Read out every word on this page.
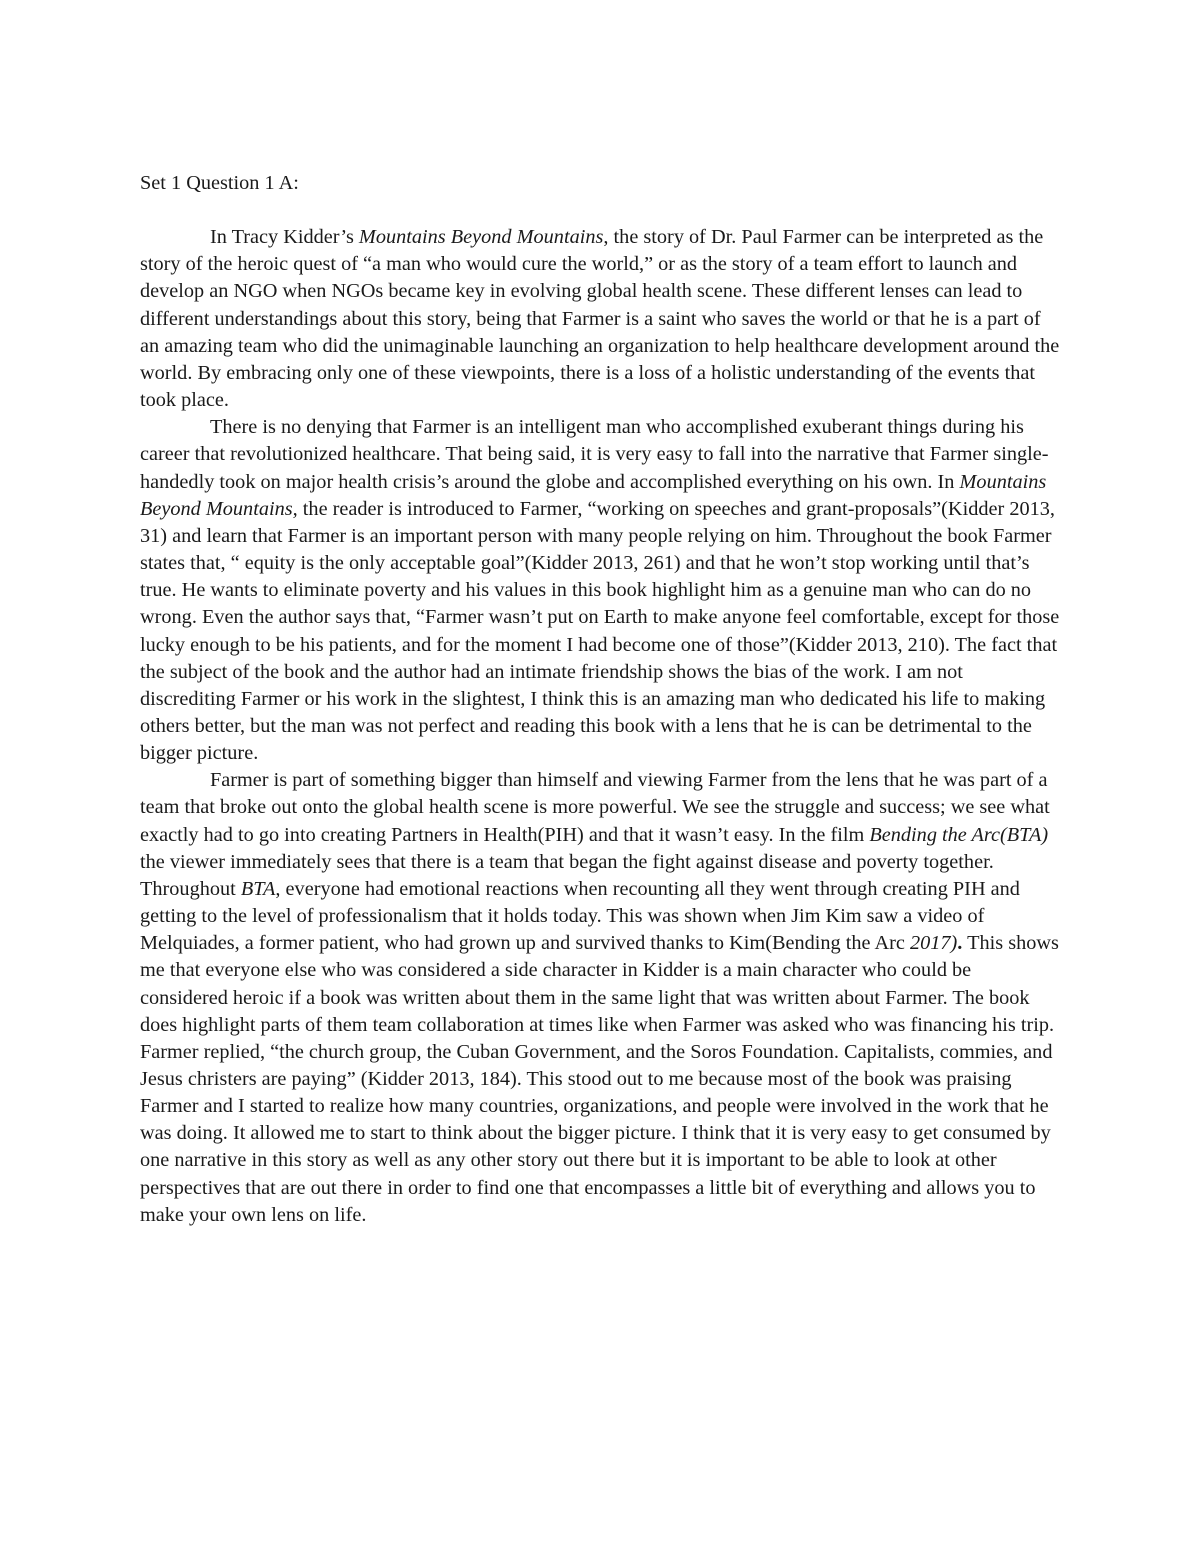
Set 1 Question 1 A:

In Tracy Kidder’s Mountains Beyond Mountains, the story of Dr. Paul Farmer can be interpreted as the story of the heroic quest of “a man who would cure the world,” or as the story of a team effort to launch and develop an NGO when NGOs became key in evolving global health scene. These different lenses can lead to different understandings about this story, being that Farmer is a saint who saves the world or that he is a part of an amazing team who did the unimaginable launching an organization to help healthcare development around the world. By embracing only one of these viewpoints, there is a loss of a holistic understanding of the events that took place.

There is no denying that Farmer is an intelligent man who accomplished exuberant things during his career that revolutionized healthcare. That being said, it is very easy to fall into the narrative that Farmer single-handedly took on major health crisis’s around the globe and accomplished everything on his own. In Mountains Beyond Mountains, the reader is introduced to Farmer, “working on speeches and grant-proposals”(Kidder 2013, 31) and learn that Farmer is an important person with many people relying on him. Throughout the book Farmer states that, “ equity is the only acceptable goal”(Kidder 2013, 261) and that he won’t stop working until that’s true. He wants to eliminate poverty and his values in this book highlight him as a genuine man who can do no wrong. Even the author says that, “Farmer wasn’t put on Earth to make anyone feel comfortable, except for those lucky enough to be his patients, and for the moment I had become one of those”(Kidder 2013, 210). The fact that the subject of the book and the author had an intimate friendship shows the bias of the work. I am not discrediting Farmer or his work in the slightest, I think this is an amazing man who dedicated his life to making others better, but the man was not perfect and reading this book with a lens that he is can be detrimental to the bigger picture.

Farmer is part of something bigger than himself and viewing Farmer from the lens that he was part of a team that broke out onto the global health scene is more powerful. We see the struggle and success; we see what exactly had to go into creating Partners in Health(PIH) and that it wasn’t easy. In the film Bending the Arc(BTA) the viewer immediately sees that there is a team that began the fight against disease and poverty together. Throughout BTA, everyone had emotional reactions when recounting all they went through creating PIH and getting to the level of professionalism that it holds today. This was shown when Jim Kim saw a video of Melquiades, a former patient, who had grown up and survived thanks to Kim(Bending the Arc 2017). This shows me that everyone else who was considered a side character in Kidder is a main character who could be considered heroic if a book was written about them in the same light that was written about Farmer. The book does highlight parts of them team collaboration at times like when Farmer was asked who was financing his trip. Farmer replied, “the church group, the Cuban Government, and the Soros Foundation. Capitalists, commies, and Jesus christers are paying” (Kidder 2013, 184). This stood out to me because most of the book was praising Farmer and I started to realize how many countries, organizations, and people were involved in the work that he was doing. It allowed me to start to think about the bigger picture. I think that it is very easy to get consumed by one narrative in this story as well as any other story out there but it is important to be able to look at other perspectives that are out there in order to find one that encompasses a little bit of everything and allows you to make your own lens on life.
